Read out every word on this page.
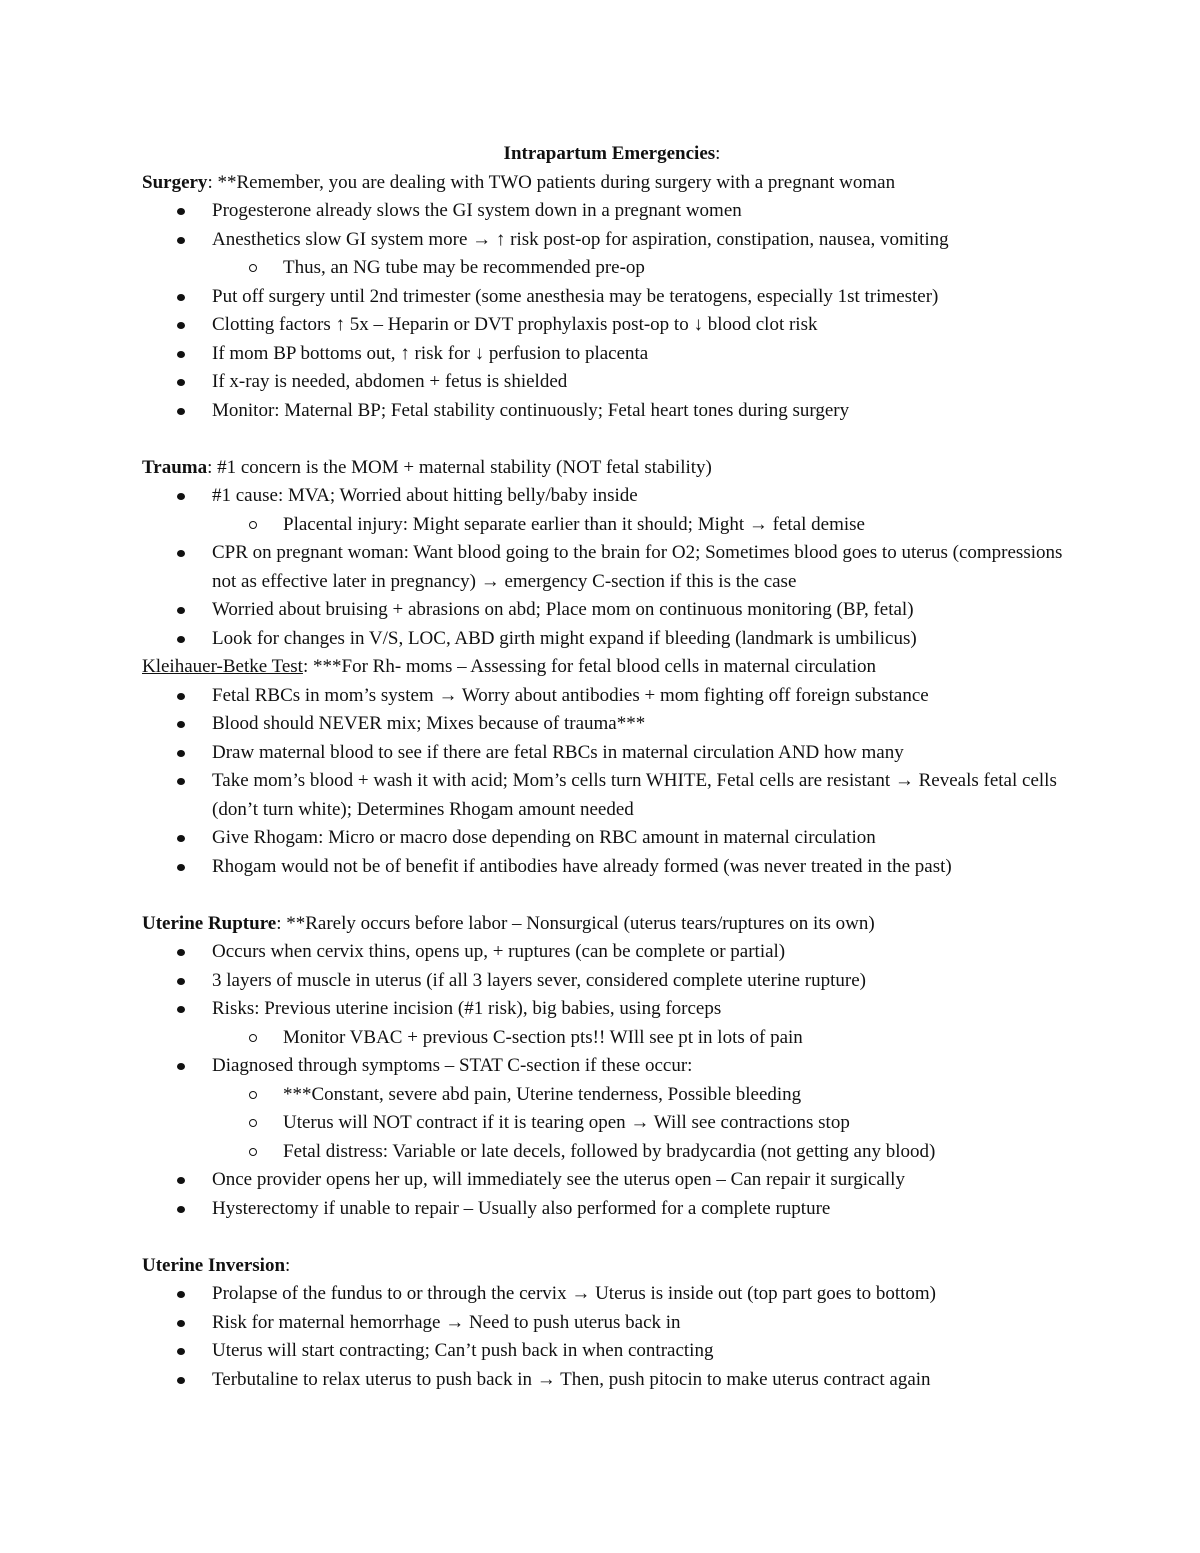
Intrapartum Emergencies:

Surgery: **Remember, you are dealing with TWO patients during surgery with a pregnant woman

Progesterone already slows the GI system down in a pregnant women
Anesthetics slow GI system more → ↑ risk post-op for aspiration, constipation, nausea, vomiting
Thus, an NG tube may be recommended pre-op
Put off surgery until 2nd trimester (some anesthesia may be teratogens, especially 1st trimester)
Clotting factors ↑ 5x – Heparin or DVT prophylaxis post-op to ↓ blood clot risk
If mom BP bottoms out, ↑ risk for ↓ perfusion to placenta
If x-ray is needed, abdomen + fetus is shielded
Monitor: Maternal BP; Fetal stability continuously; Fetal heart tones during surgery

Trauma: #1 concern is the MOM + maternal stability (NOT fetal stability)

#1 cause: MVA; Worried about hitting belly/baby inside
Placental injury: Might separate earlier than it should; Might → fetal demise
CPR on pregnant woman: Want blood going to the brain for O2; Sometimes blood goes to uterus (compressions not as effective later in pregnancy) → emergency C-section if this is the case
Worried about bruising + abrasions on abd; Place mom on continuous monitoring (BP, fetal)
Look for changes in V/S, LOC, ABD girth might expand if bleeding (landmark is umbilicus)

Kleihauer-Betke Test: ***For Rh- moms – Assessing for fetal blood cells in maternal circulation

Fetal RBCs in mom’s system → Worry about antibodies + mom fighting off foreign substance
Blood should NEVER mix; Mixes because of trauma***
Draw maternal blood to see if there are fetal RBCs in maternal circulation AND how many
Take mom’s blood + wash it with acid; Mom’s cells turn WHITE, Fetal cells are resistant → Reveals fetal cells (don’t turn white); Determines Rhogam amount needed
Give Rhogam: Micro or macro dose depending on RBC amount in maternal circulation
Rhogam would not be of benefit if antibodies have already formed (was never treated in the past)

Uterine Rupture: **Rarely occurs before labor – Nonsurgical (uterus tears/ruptures on its own)

Occurs when cervix thins, opens up, + ruptures (can be complete or partial)
3 layers of muscle in uterus (if all 3 layers sever, considered complete uterine rupture)
Risks: Previous uterine incision (#1 risk), big babies, using forceps
Monitor VBAC + previous C-section pts!! WIll see pt in lots of pain
Diagnosed through symptoms – STAT C-section if these occur:
***Constant, severe abd pain, Uterine tenderness, Possible bleeding
Uterus will NOT contract if it is tearing open → Will see contractions stop
Fetal distress: Variable or late decels, followed by bradycardia (not getting any blood)
Once provider opens her up, will immediately see the uterus open – Can repair it surgically
Hysterectomy if unable to repair – Usually also performed for a complete rupture

Uterine Inversion:

Prolapse of the fundus to or through the cervix → Uterus is inside out (top part goes to bottom)
Risk for maternal hemorrhage → Need to push uterus back in
Uterus will start contracting; Can’t push back in when contracting
Terbutaline to relax uterus to push back in → Then, push pitocin to make uterus contract again
